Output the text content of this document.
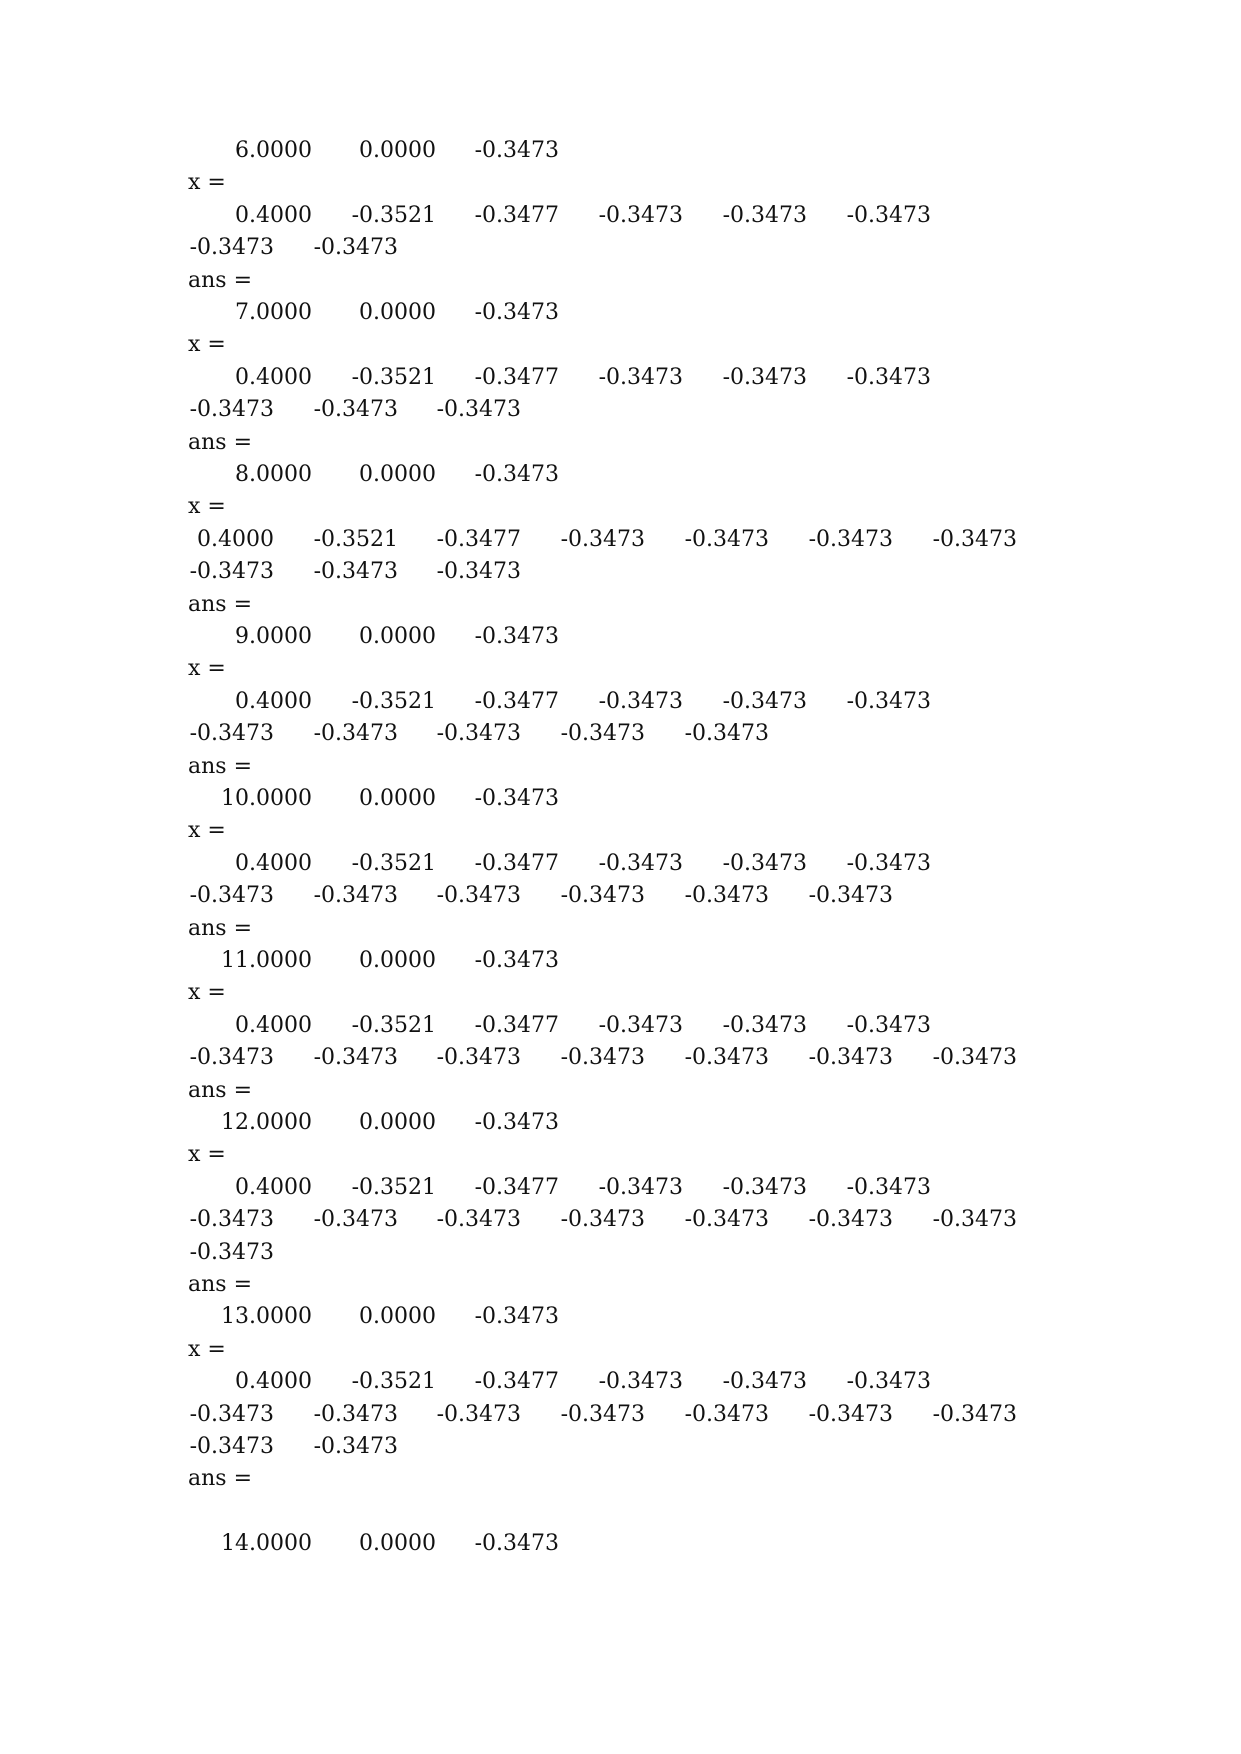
6.0000 0.0000 -0.3473
x =
0.4000 -0.3521 -0.3477 -0.3473 -0.3473 -0.3473
-0.3473 -0.3473
ans =
7.0000 0.0000 -0.3473
x =
0.4000 -0.3521 -0.3477 -0.3473 -0.3473 -0.3473
-0.3473 -0.3473 -0.3473
ans =
8.0000 0.0000 -0.3473
x =
0.4000 -0.3521 -0.3477 -0.3473 -0.3473 -0.3473 -0.3473
-0.3473 -0.3473 -0.3473
ans =
9.0000 0.0000 -0.3473
x =
0.4000 -0.3521 -0.3477 -0.3473 -0.3473 -0.3473
-0.3473 -0.3473 -0.3473 -0.3473 -0.3473
ans =
10.0000 0.0000 -0.3473
x =
0.4000 -0.3521 -0.3477 -0.3473 -0.3473 -0.3473
-0.3473 -0.3473 -0.3473 -0.3473 -0.3473 -0.3473
ans =
11.0000 0.0000 -0.3473
x =
0.4000 -0.3521 -0.3477 -0.3473 -0.3473 -0.3473
-0.3473 -0.3473 -0.3473 -0.3473 -0.3473 -0.3473 -0.3473
ans =
12.0000 0.0000 -0.3473
x =
0.4000 -0.3521 -0.3477 -0.3473 -0.3473 -0.3473
-0.3473 -0.3473 -0.3473 -0.3473 -0.3473 -0.3473 -0.3473
-0.3473
ans =
13.0000 0.0000 -0.3473
x =
0.4000 -0.3521 -0.3477 -0.3473 -0.3473 -0.3473
-0.3473 -0.3473 -0.3473 -0.3473 -0.3473 -0.3473 -0.3473
-0.3473 -0.3473
ans =
14.0000 0.0000 -0.3473
